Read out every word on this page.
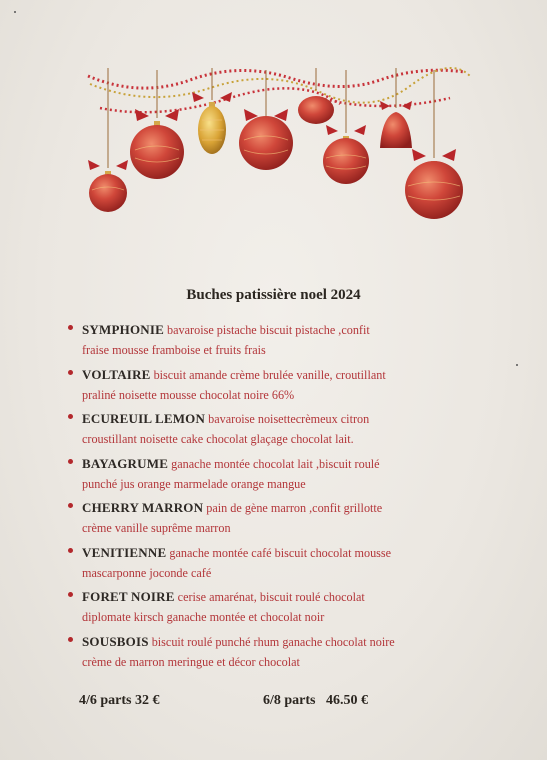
Buches patissière noel 2024
SYMPHONIE bavaroise pistache biscuit pistache ,confit
fraise mousse framboise et fruits frais
VOLTAIRE biscuit amande crème brulée vanille, croutillant
praliné noisette mousse chocolat noire 66%
ECUREUIL LEMON bavaroise noisettecrèmeux citron
croustillant noisette cake chocolat glaçage chocolat lait.
BAYAGRUME ganache montée chocolat lait ,biscuit roulé
punché jus orange marmelade orange mangue
CHERRY MARRON pain de gène marron ,confit grillotte
crème vanille suprême marron
VENITIENNE ganache montée café biscuit chocolat mousse
mascarponne joconde café
FORET NOIRE cerise amarénat, biscuit roulé chocolat
diplomate kirsch ganache montée et chocolat noir
SOUSBOIS biscuit roulé punché rhum ganache chocolat noire
crème de marron meringue et décor chocolat
4/6 parts 32 €	6/8 parts   46.50 €
